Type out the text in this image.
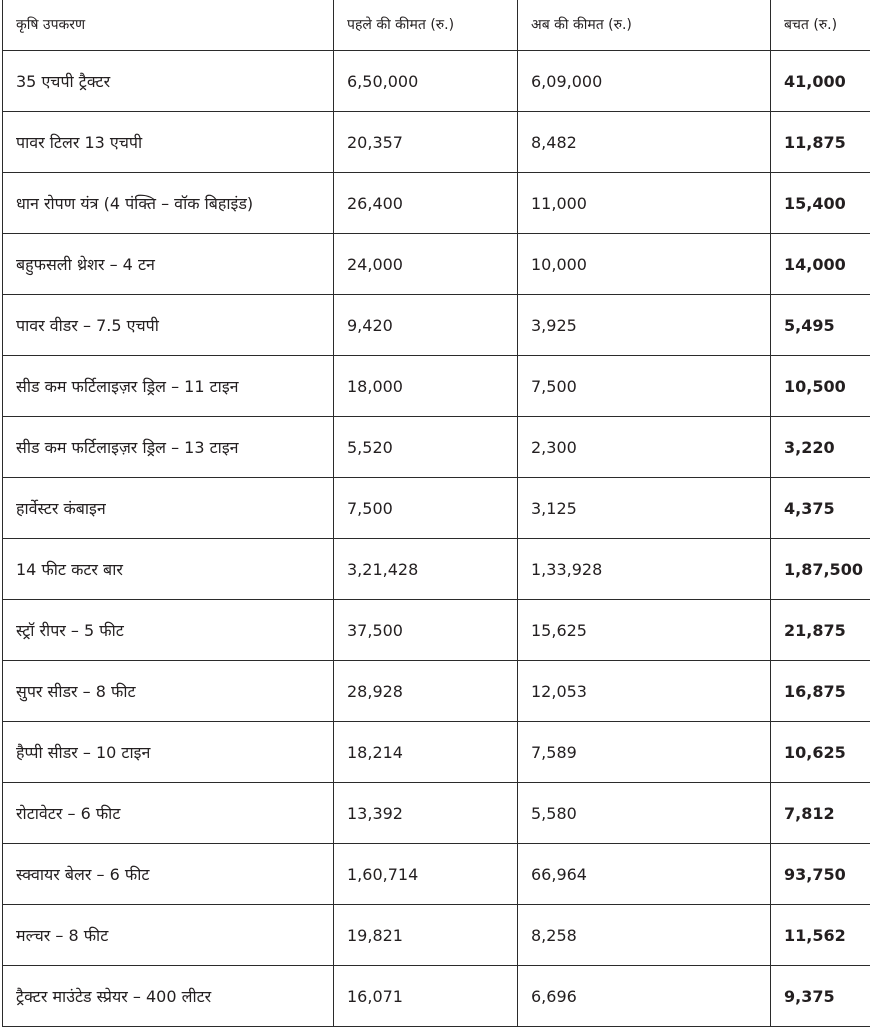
कृषि उपकरण	पहले की कीमत (रु.)	अब की कीमत (रु.)	बचत (रु.)
35 एचपी ट्रैक्टर	6,50,000	6,09,000	41,000
पावर टिलर 13 एचपी	20,357	8,482	11,875
धान रोपण यंत्र (4 पंक्ति – वॉक बिहाइंड)	26,400	11,000	15,400
बहुफसली थ्रेशर – 4 टन	24,000	10,000	14,000
पावर वीडर – 7.5 एचपी	9,420	3,925	5,495
सीड कम फर्टिलाइज़र ड्रिल – 11 टाइन	18,000	7,500	10,500
सीड कम फर्टिलाइज़र ड्रिल – 13 टाइन	5,520	2,300	3,220
हार्वेस्टर कंबाइन	7,500	3,125	4,375
14 फीट कटर बार	3,21,428	1,33,928	1,87,500
स्ट्रॉ रीपर – 5 फीट	37,500	15,625	21,875
सुपर सीडर – 8 फीट	28,928	12,053	16,875
हैप्पी सीडर – 10 टाइन	18,214	7,589	10,625
रोटावेटर – 6 फीट	13,392	5,580	7,812
स्क्वायर बेलर – 6 फीट	1,60,714	66,964	93,750
मल्चर – 8 फीट	19,821	8,258	11,562
ट्रैक्टर माउंटेड स्प्रेयर – 400 लीटर	16,071	6,696	9,375
